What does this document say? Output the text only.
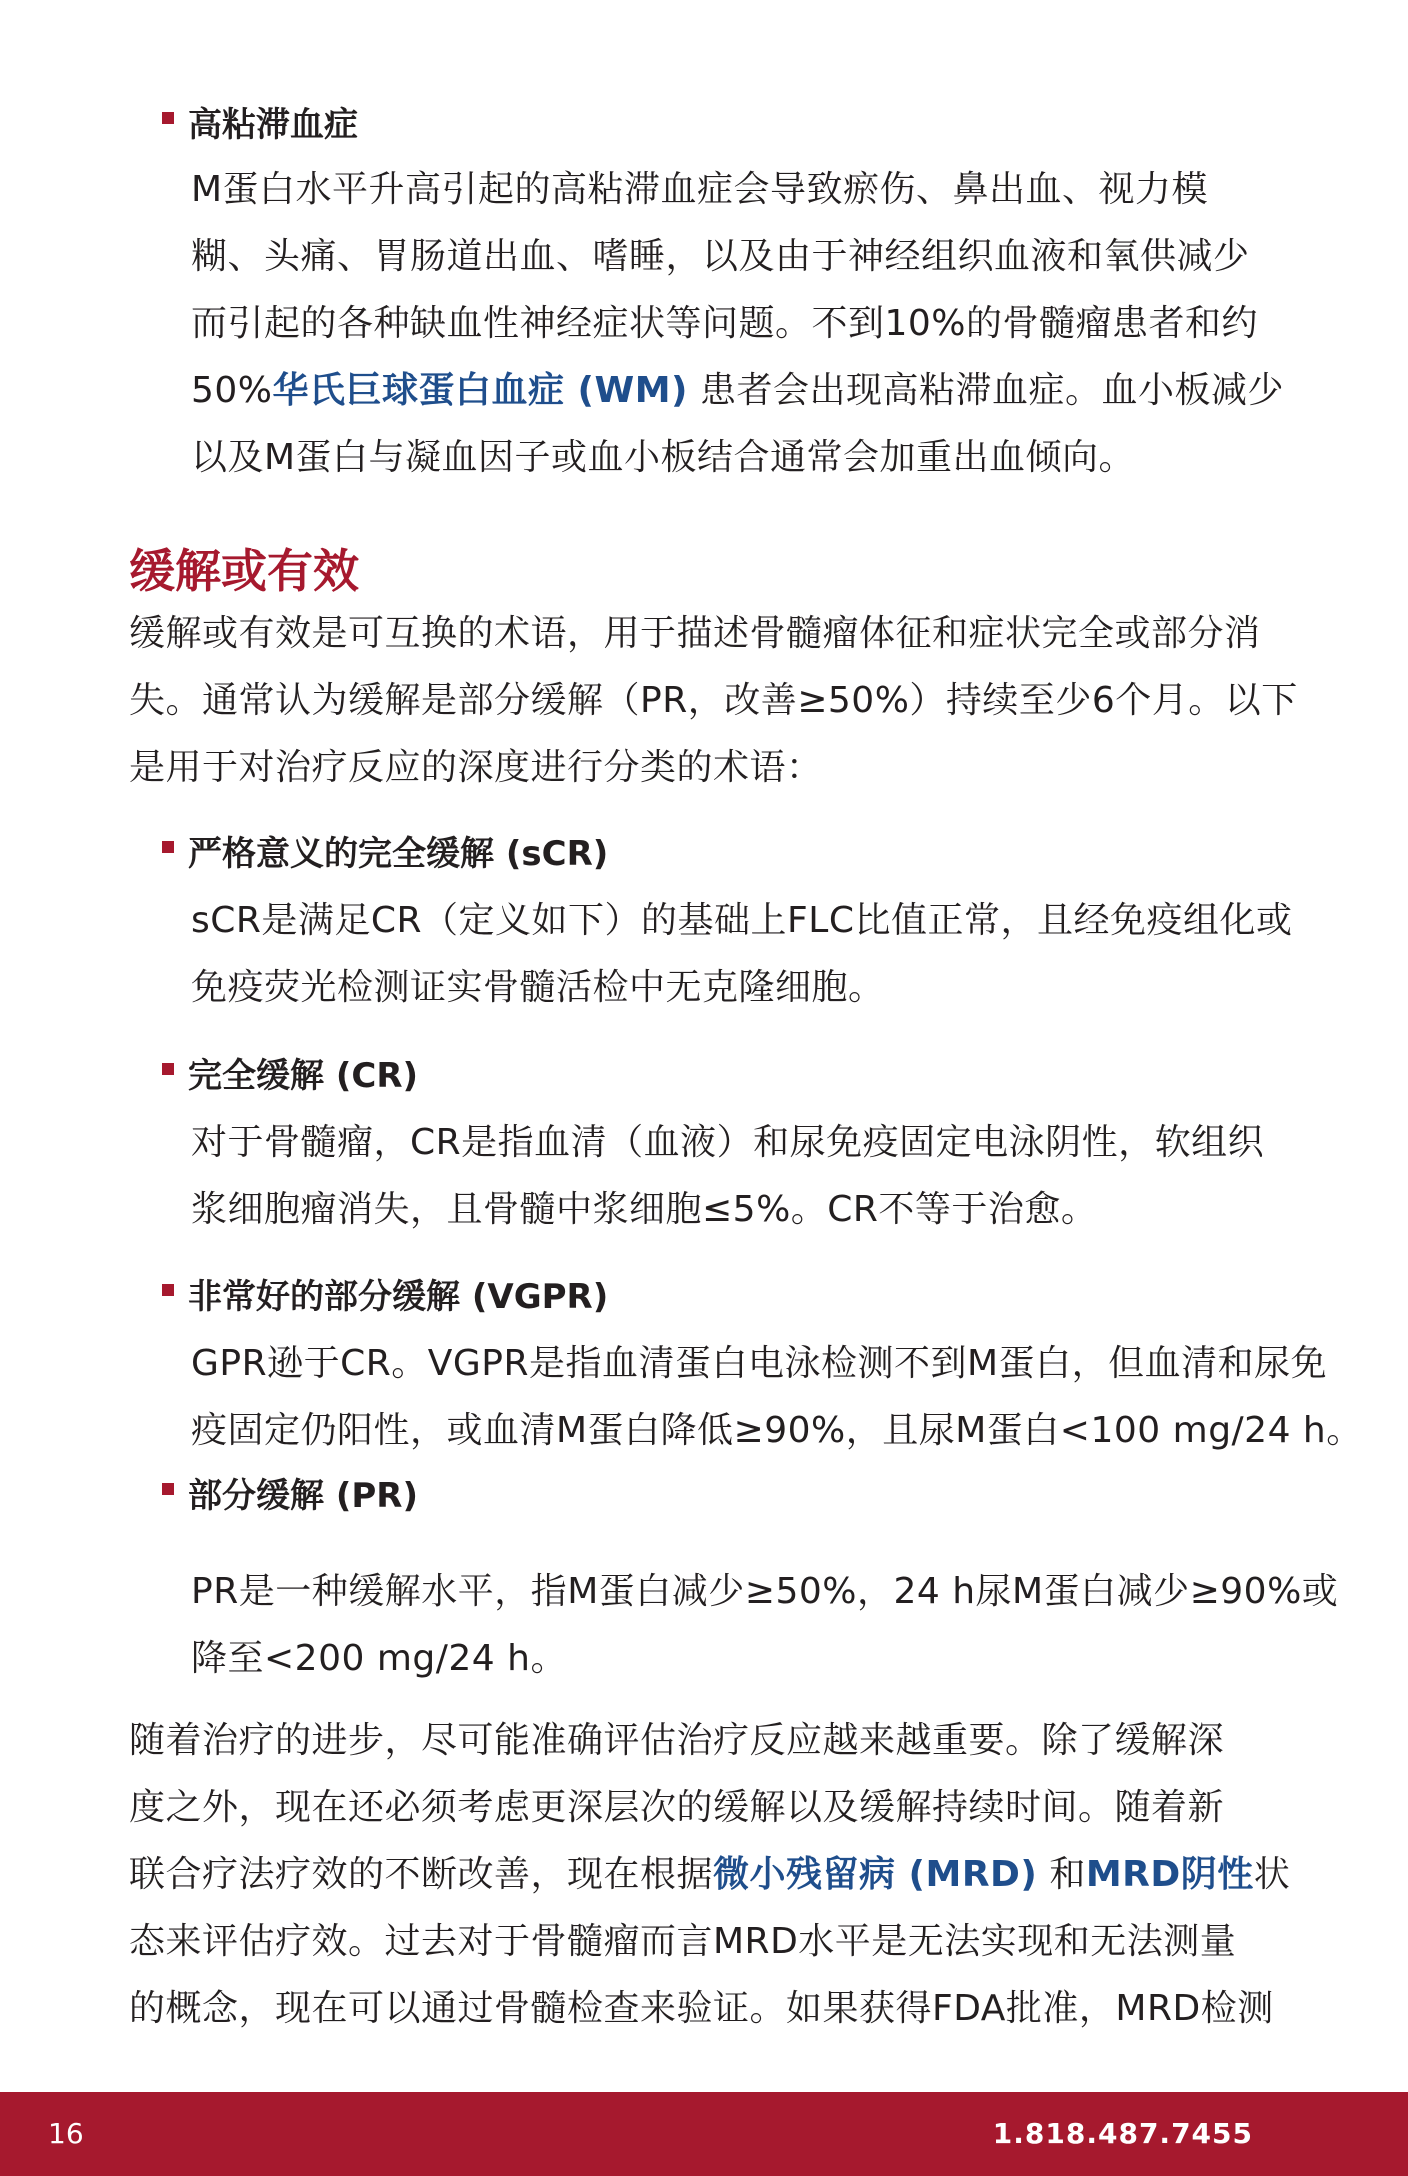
高粘滞血症
M蛋白水平升高引起的高粘滞血症会导致瘀伤、鼻出血、视力模
糊、头痛、胃肠道出血、嗜睡，以及由于神经组织血液和氧供减少
而引起的各种缺血性神经症状等问题。不到10%的骨髓瘤患者和约
50%华氏巨球蛋白血症 (WM) 患者会出现高粘滞血症。血小板减少
以及M蛋白与凝血因子或血小板结合通常会加重出血倾向。
缓解或有效
缓解或有效是可互换的术语，用于描述骨髓瘤体征和症状完全或部分消
失。通常认为缓解是部分缓解（PR，改善≥50%）持续至少6个月。以下
是用于对治疗反应的深度进行分类的术语：
严格意义的完全缓解 (sCR)
sCR是满足CR（定义如下）的基础上FLC比值正常，且经免疫组化或
免疫荧光检测证实骨髓活检中无克隆细胞。
完全缓解 (CR)
对于骨髓瘤，CR是指血清（血液）和尿免疫固定电泳阴性，软组织
浆细胞瘤消失，且骨髓中浆细胞≤5%。CR不等于治愈。
非常好的部分缓解 (VGPR)
GPR逊于CR。VGPR是指血清蛋白电泳检测不到M蛋白，但血清和尿免
疫固定仍阳性，或血清M蛋白降低≥90%，且尿M蛋白<100 mg/24 h。
部分缓解 (PR)
PR是一种缓解水平，指M蛋白减少≥50%，24 h尿M蛋白减少≥90%或
降至<200 mg/24 h。
随着治疗的进步，尽可能准确评估治疗反应越来越重要。除了缓解深
度之外，现在还必须考虑更深层次的缓解以及缓解持续时间。随着新
联合疗法疗效的不断改善，现在根据微小残留病 (MRD) 和MRD阴性状
态来评估疗效。过去对于骨髓瘤而言MRD水平是无法实现和无法测量
的概念，现在可以通过骨髓检查来验证。如果获得FDA批准，MRD检测
16	1.818.487.7455
